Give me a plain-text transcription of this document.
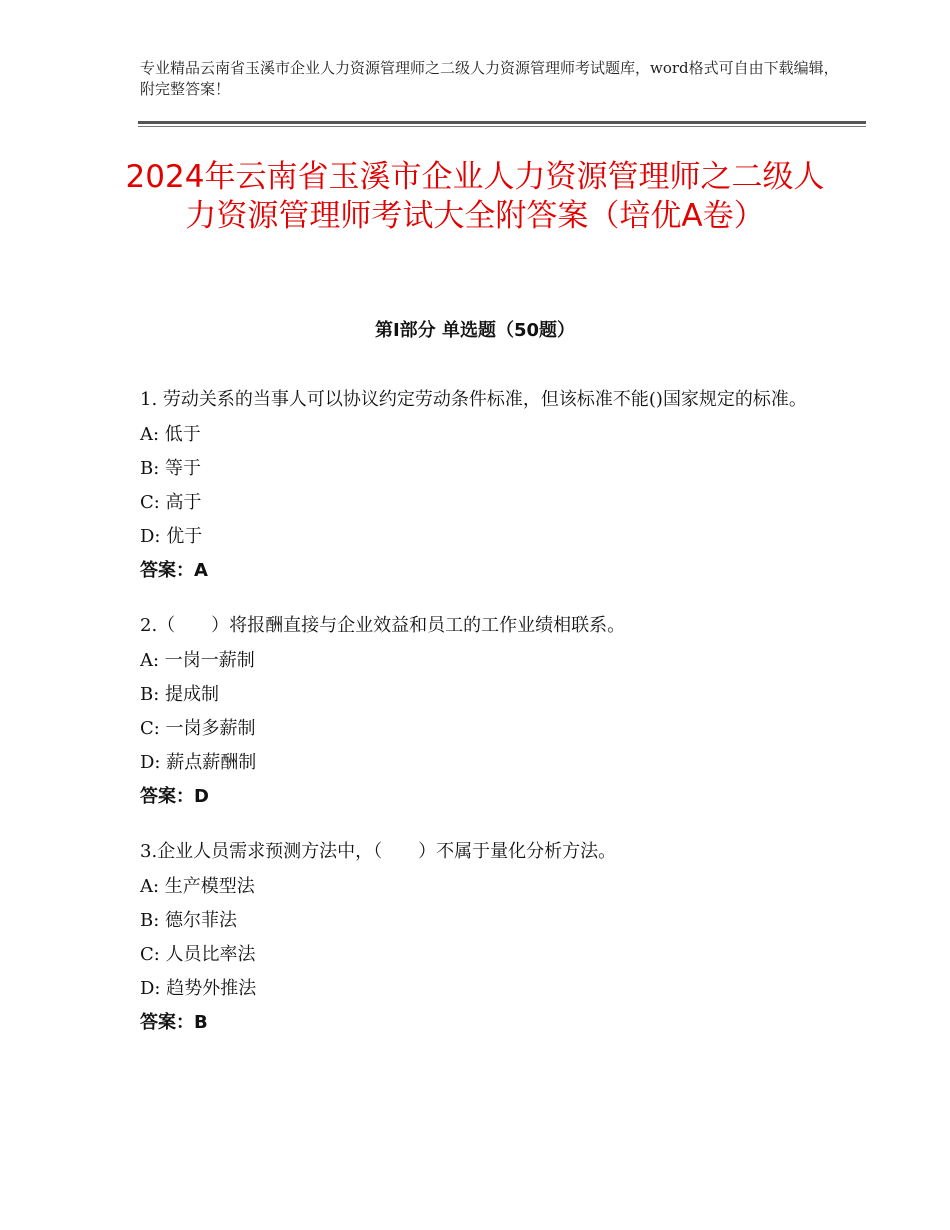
专业精品云南省玉溪市企业人力资源管理师之二级人力资源管理师考试题库，word格式可自由下载编辑，附完整答案！
2024年云南省玉溪市企业人力资源管理师之二级人力资源管理师考试大全附答案（培优A卷）
第Ⅰ部分 单选题（50题）
1. 劳动关系的当事人可以协议约定劳动条件标准，但该标准不能()国家规定的标准。
A: 低于
B: 等于
C: 高于
D: 优于
答案：A
2.（　　）将报酬直接与企业效益和员工的工作业绩相联系。
A: 一岗一薪制
B: 提成制
C: 一岗多薪制
D: 薪点薪酬制
答案：D
3.企业人员需求预测方法中，（　　）不属于量化分析方法。
A: 生产模型法
B: 德尔菲法
C: 人员比率法
D: 趋势外推法
答案：B
